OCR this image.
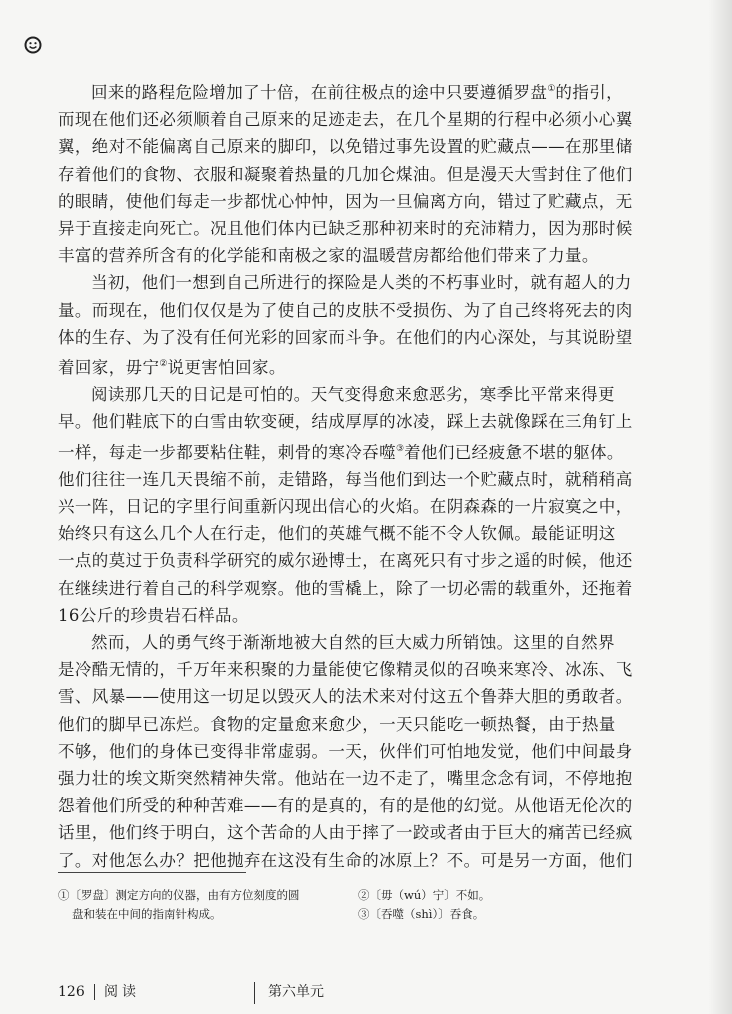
回来的路程危险增加了十倍，在前往极点的途中只要遵循罗盘①的指引，

而现在他们还必须顺着自己原来的足迹走去，在几个星期的行程中必须小心翼

翼，绝对不能偏离自己原来的脚印，以免错过事先设置的贮藏点——在那里储

存着他们的食物、衣服和凝聚着热量的几加仑煤油。但是漫天大雪封住了他们

的眼睛，使他们每走一步都忧心忡忡，因为一旦偏离方向，错过了贮藏点，无

异于直接走向死亡。况且他们体内已缺乏那种初来时的充沛精力，因为那时候

丰富的营养所含有的化学能和南极之家的温暖营房都给他们带来了力量。

当初，他们一想到自己所进行的探险是人类的不朽事业时，就有超人的力

量。而现在，他们仅仅是为了使自己的皮肤不受损伤、为了自己终将死去的肉

体的生存、为了没有任何光彩的回家而斗争。在他们的内心深处，与其说盼望

着回家，毋宁②说更害怕回家。

阅读那几天的日记是可怕的。天气变得愈来愈恶劣，寒季比平常来得更

早。他们鞋底下的白雪由软变硬，结成厚厚的冰凌，踩上去就像踩在三角钉上

一样，每走一步都要粘住鞋，刺骨的寒冷吞噬③着他们已经疲惫不堪的躯体。

他们往往一连几天畏缩不前，走错路，每当他们到达一个贮藏点时，就稍稍高

兴一阵，日记的字里行间重新闪现出信心的火焰。在阴森森的一片寂寞之中，

始终只有这么几个人在行走，他们的英雄气概不能不令人钦佩。最能证明这

一点的莫过于负责科学研究的威尔逊博士，在离死只有寸步之遥的时候，他还

在继续进行着自己的科学观察。他的雪橇上，除了一切必需的载重外，还拖着

16公斤的珍贵岩石样品。

然而，人的勇气终于渐渐地被大自然的巨大威力所销蚀。这里的自然界

是冷酷无情的，千万年来积聚的力量能使它像精灵似的召唤来寒冷、冰冻、飞

雪、风暴——使用这一切足以毁灭人的法术来对付这五个鲁莽大胆的勇敢者。

他们的脚早已冻烂。食物的定量愈来愈少，一天只能吃一顿热餐，由于热量

不够，他们的身体已变得非常虚弱。一天，伙伴们可怕地发觉，他们中间最身

强力壮的埃文斯突然精神失常。他站在一边不走了，嘴里念念有词，不停地抱

怨着他们所受的种种苦难——有的是真的，有的是他的幻觉。从他语无伦次的

话里，他们终于明白，这个苦命的人由于摔了一跤或者由于巨大的痛苦已经疯

了。对他怎么办？把他抛弃在这没有生命的冰原上？不。可是另一方面，他们

①〔罗盘〕测定方向的仪器，由有方位刻度的圆
盘和装在中间的指南针构成。
②〔毋（wú）宁〕不如。
③〔吞噬（shì）〕吞食。
126 阅读	第六单元
